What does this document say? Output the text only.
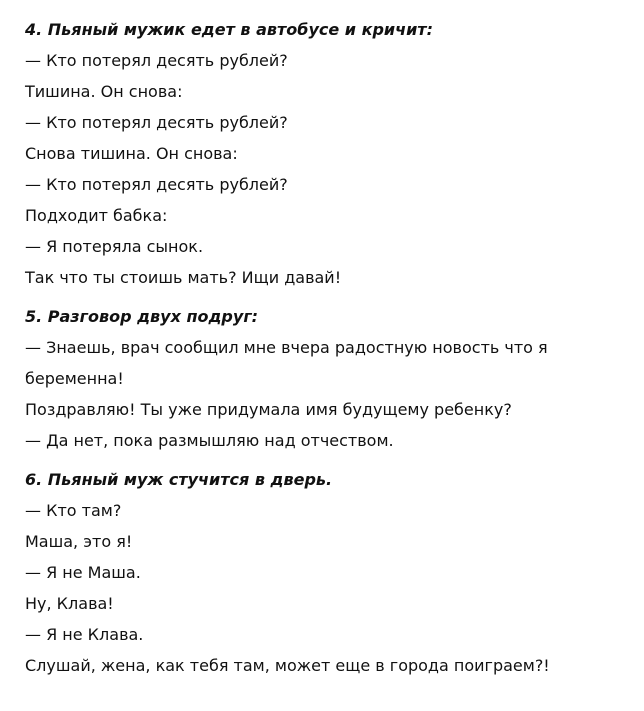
4. Пьяный мужик едет в автобусе и кричит:

— Кто потерял десять рублей?

Тишина. Он снова:

— Кто потерял десять рублей?

Снова тишина. Он снова:

— Кто потерял десять рублей?

Подходит бабка:

— Я потеряла сынок.

Так что ты стоишь мать? Ищи давай!

5. Разговор двух подруг:

— Знаешь, врач сообщил мне вчера радостную новость что я беременна!

Поздравляю! Ты уже придумала имя будущему ребенку?

— Да нет, пока размышляю над отчеством.

6. Пьяный муж стучится в дверь.

— Кто там?

Маша, это я!

— Я не Маша.

Ну, Клава!

— Я не Клава.

Слушай, жена, как тебя там, может еще в города поиграем?!
